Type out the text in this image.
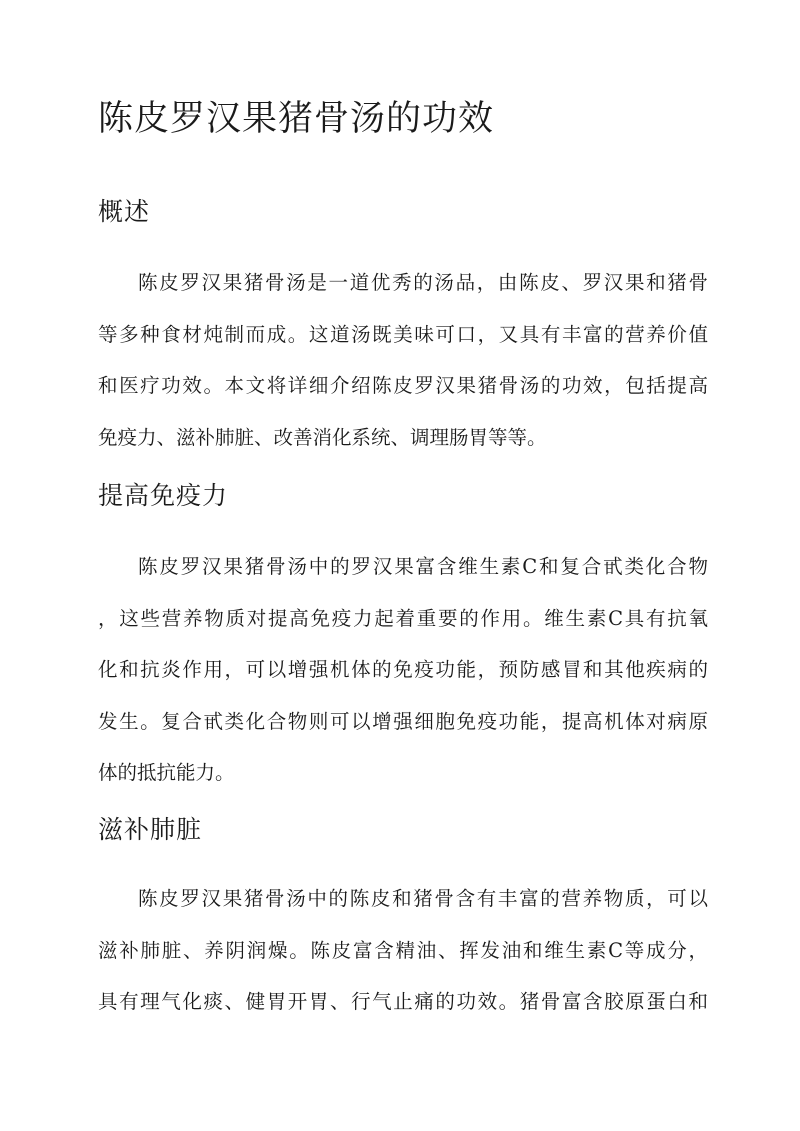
陈皮罗汉果猪骨汤的功效
概述
陈皮罗汉果猪骨汤是一道优秀的汤品，由陈皮、罗汉果和猪骨
等多种食材炖制而成。这道汤既美味可口，又具有丰富的营养价值
和医疗功效。本文将详细介绍陈皮罗汉果猪骨汤的功效，包括提高
免疫力、滋补肺脏、改善消化系统、调理肠胃等等。
提高免疫力
陈皮罗汉果猪骨汤中的罗汉果富含维生素C和复合甙类化合物
，这些营养物质对提高免疫力起着重要的作用。维生素C具有抗氧
化和抗炎作用，可以增强机体的免疫功能，预防感冒和其他疾病的
发生。复合甙类化合物则可以增强细胞免疫功能，提高机体对病原
体的抵抗能力。
滋补肺脏
陈皮罗汉果猪骨汤中的陈皮和猪骨含有丰富的营养物质，可以
滋补肺脏、养阴润燥。陈皮富含精油、挥发油和维生素C等成分，
具有理气化痰、健胃开胃、行气止痛的功效。猪骨富含胶原蛋白和
